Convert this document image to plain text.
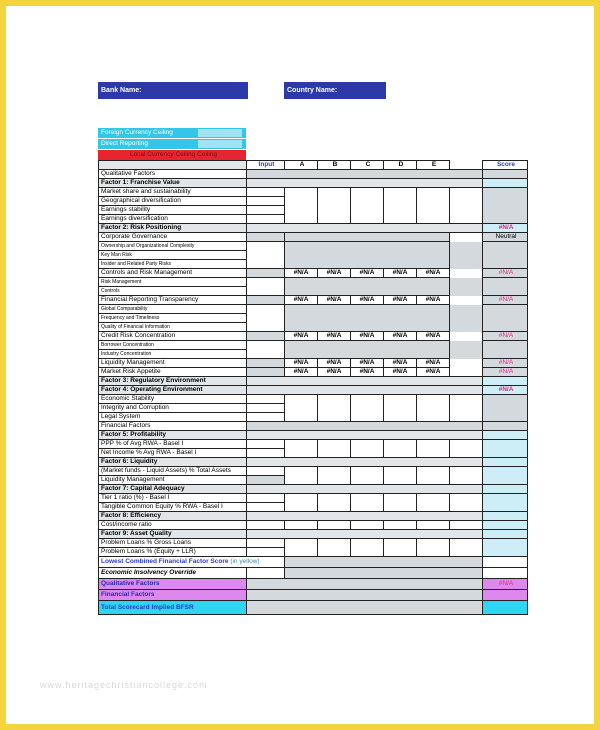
Bank Name:	Country Name:
Foreign Currency Ceiling
Direct Reporting
Local Currency Ceiling Ceiling
	Input	A	B	C	D	E		Score
Qualitative Factors								
Factor 1: Franchise Value								
Market share and sustainability								
Geographical diversification								
Earnings stability								
Earnings diversification								
Factor 2: Risk Positioning								#N/A
Corporate Governance								Neutral
Ownership and Organizational Complexity								
Key Man Risk								
Insider and Related Party Risks								
Controls and Risk Management		#N/A	#N/A	#N/A	#N/A	#N/A		#N/A
Risk Management								
Controls								
Financial Reporting Transparency		#N/A	#N/A	#N/A	#N/A	#N/A		#N/A
Global Comparability								
Frequency and Timeliness								
Quality of Financial Information								
Credit Risk Concentration		#N/A	#N/A	#N/A	#N/A	#N/A		#N/A
Borrower Concentration								
Industry Concentration								
Liquidity Management		#N/A	#N/A	#N/A	#N/A	#N/A		#N/A
Market Risk Appetite		#N/A	#N/A	#N/A	#N/A	#N/A		#N/A
Factor 3: Regulatory Environment								
Factor 4: Operating Environment								#N/A
Economic Stability								
Integrity and Corruption								
Legal System								
Financial Factors								
Factor 5: Profitability								
PPP % of Avg RWA - Basel I								
Net Income % Avg RWA - Basel I								
Factor 6: Liquidity								
(Market funds - Liquid Assets) % Total Assets								
Liquidity Management								
Factor 7: Capital Adequacy								
Tier 1 ratio (%) - Basel I								
Tangible Common Equity % RWA - Basel I								
Factor 8: Efficiency								
Cost/income ratio								
Factor 9: Asset Quality								
Problem Loans % Gross Loans								
Problem Loans % (Equity + LLR)								
Lowest Combined Financial Factor Score (in yellow)								
Economic Insolvency Override								
Qualitative Factors								#N/A
Financial Factors								
Total Scorecard Implied BFSR								
www.heritagechristiancollege.com
